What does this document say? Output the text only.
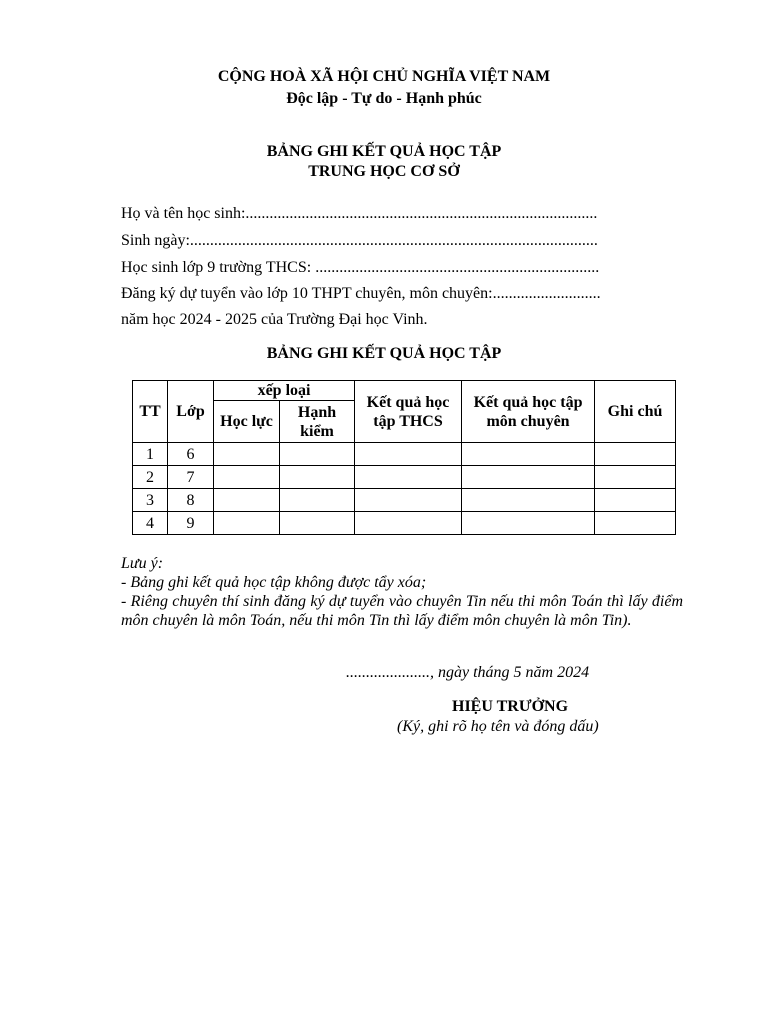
CỘNG HOÀ XÃ HỘI CHỦ NGHĨA VIỆT NAM
Độc lập - Tự do - Hạnh phúc
BẢNG GHI KẾT QUẢ HỌC TẬP
TRUNG HỌC CƠ SỞ
Họ và tên học sinh:........................................................................................
Sinh ngày:......................................................................................................
Học sinh lớp 9 trường THCS: .......................................................................
Đăng ký dự tuyển vào lớp 10 THPT chuyên, môn chuyên:...........................
năm học 2024 - 2025 của Trường Đại học Vinh.
BẢNG GHI KẾT QUẢ HỌC TẬP
TT	Lớp	xếp loại		Kết quả học tập THCS	Kết quả học tập môn chuyên	Ghi chú
		Học lực	Hạnh kiểm			
1	6					
2	7					
3	8					
4	9					
Lưu ý:
- Bảng ghi kết quả học tập không được tẩy xóa;
- Riêng chuyên thí sinh đăng ký dự tuyển vào chuyên Tin nếu thi môn Toán thì lấy điểm môn chuyên là môn Toán, nếu thi môn Tin thì lấy điểm môn chuyên là môn Tin).
....................., ngày tháng 5 năm 2024
HIỆU TRƯỞNG
(Ký, ghi rõ họ tên và đóng dấu)
